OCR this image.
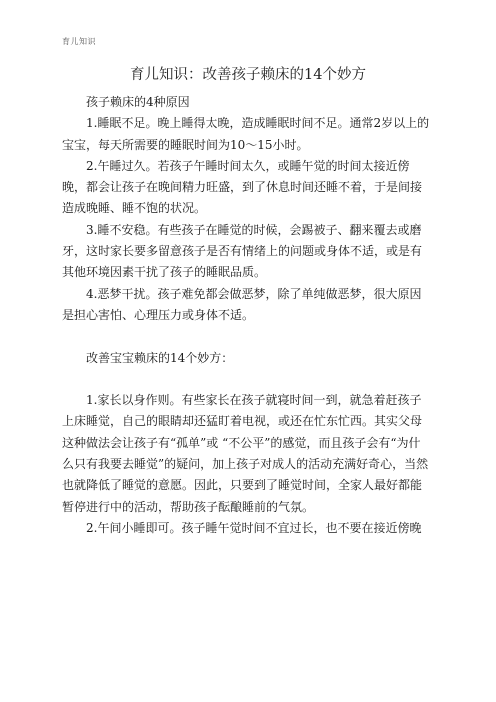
育儿知识
育儿知识：改善孩子赖床的14个妙方

孩子赖床的4种原因

1.睡眠不足。晚上睡得太晚，造成睡眠时间不足。通常2岁以上的宝宝，每天所需要的睡眠时间为10～15小时。

2.午睡过久。若孩子午睡时间太久，或睡午觉的时间太接近傍晚，都会让孩子在晚间精力旺盛，到了休息时间还睡不着，于是间接造成晚睡、睡不饱的状况。

3.睡不安稳。有些孩子在睡觉的时候，会踢被子、翻来覆去或磨牙，这时家长要多留意孩子是否有情绪上的问题或身体不适，或是有其他环境因素干扰了孩子的睡眠品质。

4.恶梦干扰。孩子难免都会做恶梦，除了单纯做恶梦，很大原因是担心害怕、心理压力或身体不适。

改善宝宝赖床的14个妙方：

1.家长以身作则。有些家长在孩子就寝时间一到，就急着赶孩子上床睡觉，自己的眼睛却还猛盯着电视，或还在忙东忙西。其实父母这种做法会让孩子有“孤单”或 “不公平”的感觉，而且孩子会有“为什么只有我要去睡觉”的疑问，加上孩子对成人的活动充满好奇心，当然也就降低了睡觉的意愿。因此，只要到了睡觉时间，全家人最好都能暂停进行中的活动，帮助孩子酝酿睡前的气氛。

2.午间小睡即可。孩子睡午觉时间不宜过长，也不要在接近傍晚
